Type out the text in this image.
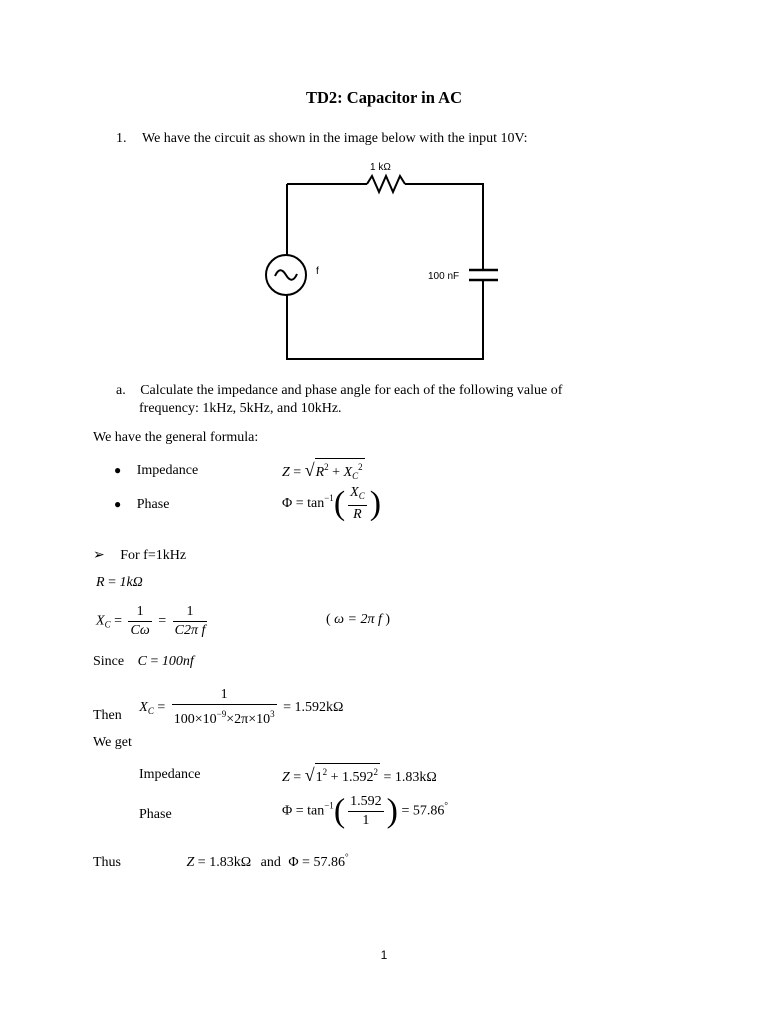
TD2: Capacitor in AC
1. We have the circuit as shown in the image below with the input 10V:
1 kΩ
100 nF
f
a. Calculate the impedance and phase angle for each of the following value of
frequency: 1kHz, 5kHz, and 10kHz.
We have the general formula:
● Impedance	$Z = √R^2 + X_C^2$
● Phase	$\Phi = \tan^{-1}( \frac{X_C}{R}$ )
➢ For f=1kHz
R = 1kΩ
$X_C = \frac{1}{C\omega} = \frac{1}{\text{C2π f}}$	( ω = 2π f )
Since C = 100nf
Then $X_C = \frac{1}{100\times 10^{-9}\times 2\pi\times 10^3} = 1.592k\Omega$
We get
Impedance	$Z = √1^2 + 1.592^2 = 1.83k\Omega$
Phase	$\Phi = \tan^{-1}( \frac{1.592}{1}$ ) = 57.86°
Thus	Z = 1.83kΩ and Φ = 57.86°
1
